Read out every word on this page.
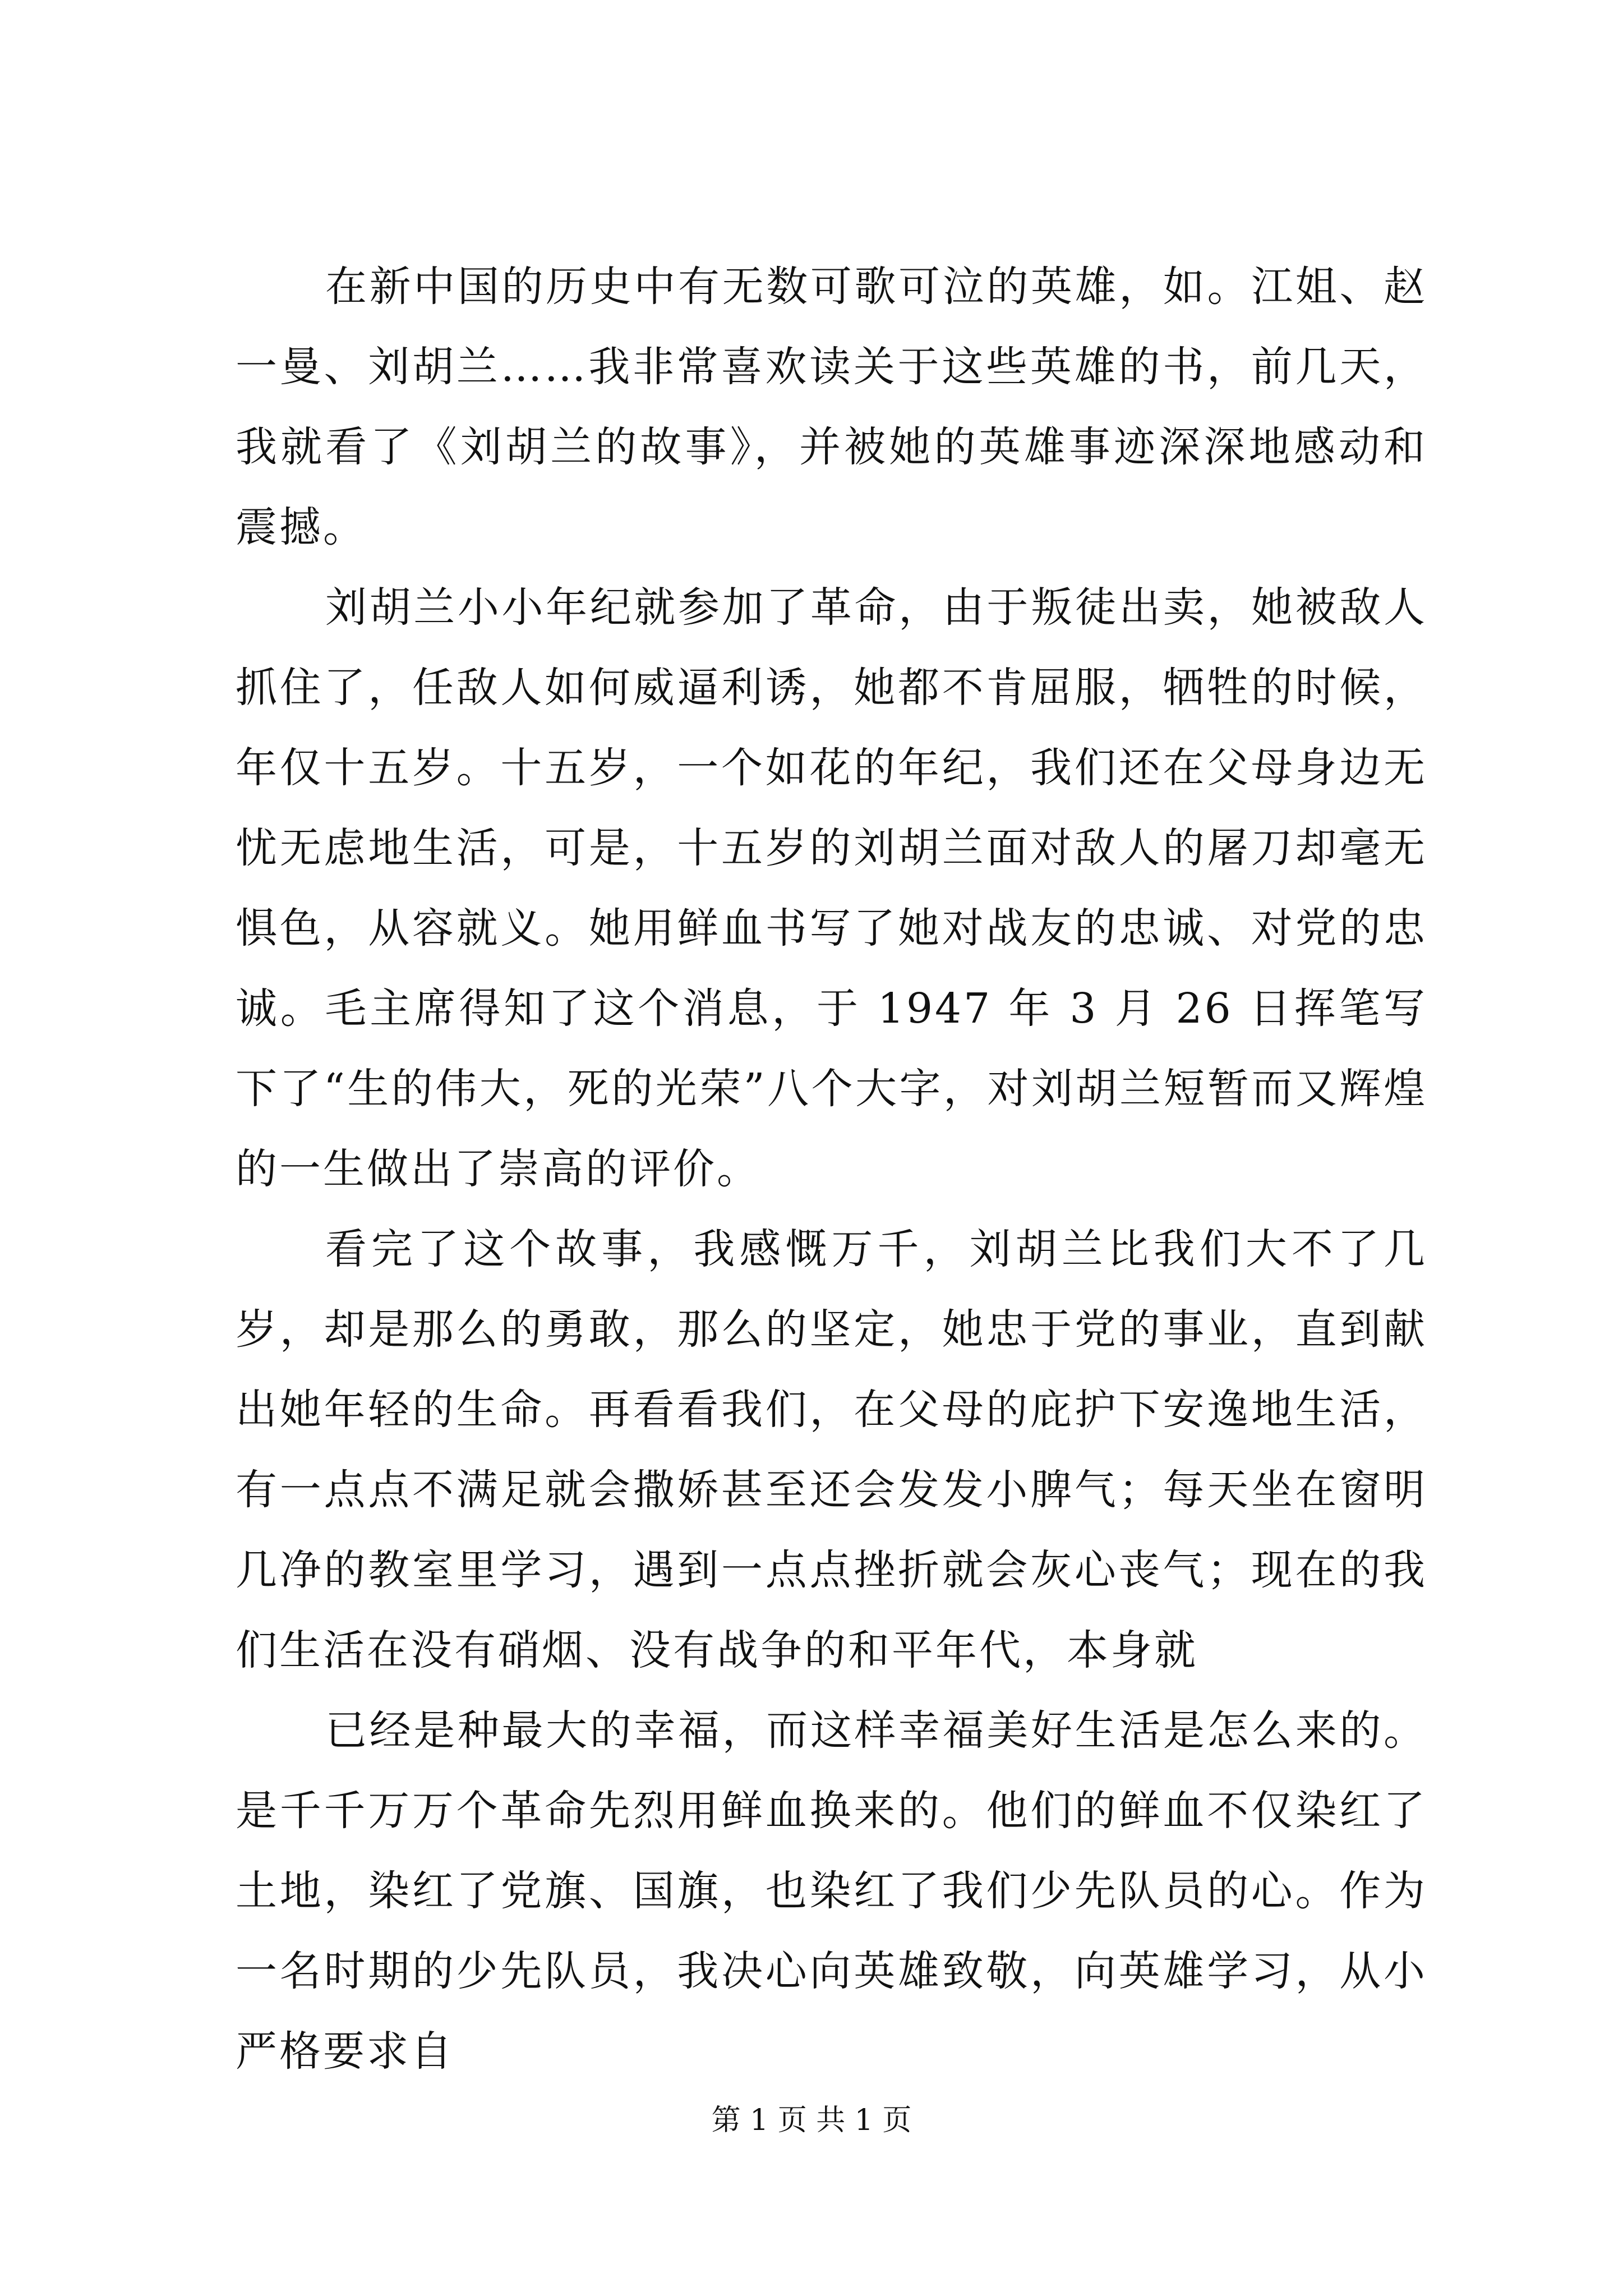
在新中国的历史中有无数可歌可泣的英雄，如。江姐、赵一曼、刘胡兰……我非常喜欢读关于这些英雄的书，前几天，我就看了《刘胡兰的故事》，并被她的英雄事迹深深地感动和震撼。

刘胡兰小小年纪就参加了革命，由于叛徒出卖，她被敌人抓住了，任敌人如何威逼利诱，她都不肯屈服，牺牲的时候，年仅十五岁。十五岁，一个如花的年纪，我们还在父母身边无忧无虑地生活，可是，十五岁的刘胡兰面对敌人的屠刀却毫无惧色，从容就义。她用鲜血书写了她对战友的忠诚、对党的忠诚。毛主席得知了这个消息，于 1947 年 3 月 26 日挥笔写下了“生的伟大，死的光荣”八个大字，对刘胡兰短暂而又辉煌的一生做出了崇高的评价。

看完了这个故事，我感慨万千，刘胡兰比我们大不了几岁，却是那么的勇敢，那么的坚定，她忠于党的事业，直到献出她年轻的生命。再看看我们，在父母的庇护下安逸地生活，有一点点不满足就会撒娇甚至还会发发小脾气；每天坐在窗明几净的教室里学习，遇到一点点挫折就会灰心丧气；现在的我们生活在没有硝烟、没有战争的和平年代，本身就

已经是种最大的幸福，而这样幸福美好生活是怎么来的。是千千万万个革命先烈用鲜血换来的。他们的鲜血不仅染红了土地，染红了党旗、国旗，也染红了我们少先队员的心。作为一名时期的少先队员，我决心向英雄致敬，向英雄学习，从小严格要求自

第 1 页 共 1 页
